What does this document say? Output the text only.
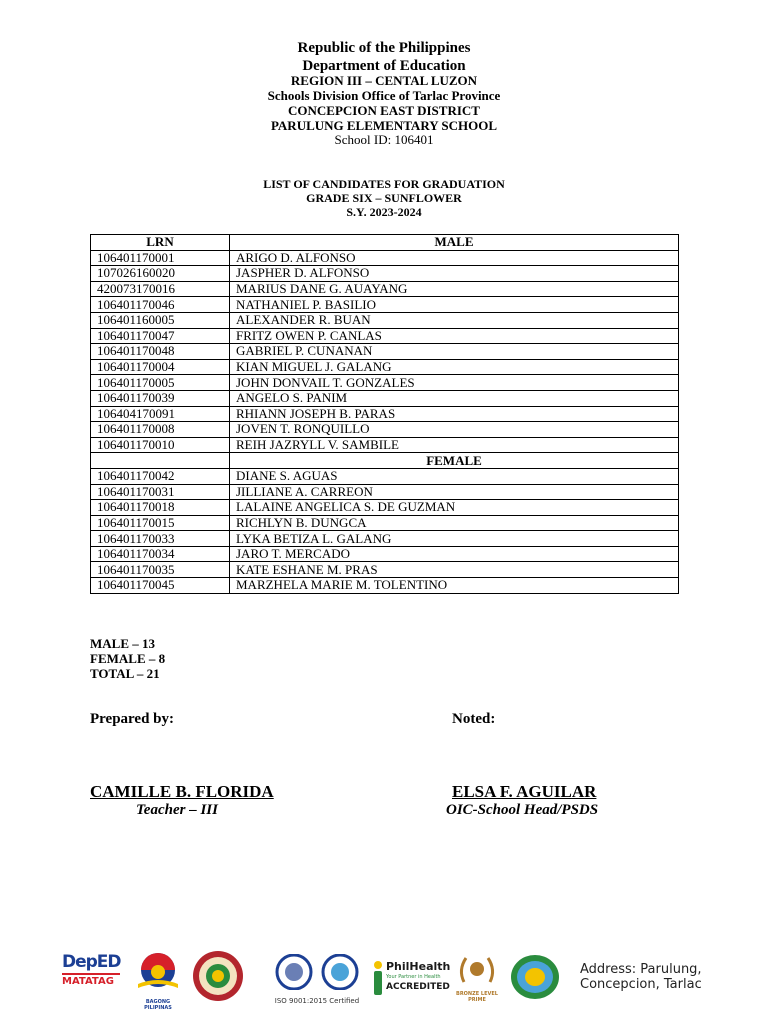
Republic of the Philippines
Department of Education
REGION III – CENTAL LUZON
Schools Division Office of Tarlac Province
CONCEPCION EAST DISTRICT
PARULUNG ELEMENTARY SCHOOL
School ID: 106401
LIST OF CANDIDATES FOR GRADUATION
GRADE SIX – SUNFLOWER
S.Y. 2023-2024
LRN	MALE
106401170001	ARIGO D. ALFONSO
107026160020	JASPHER D. ALFONSO
420073170016	MARIUS DANE G. AUAYANG
106401170046	NATHANIEL P. BASILIO
106401160005	ALEXANDER R. BUAN
106401170047	FRITZ OWEN P. CANLAS
106401170048	GABRIEL P. CUNANAN
106401170004	KIAN MIGUEL J. GALANG
106401170005	JOHN DONVAIL T. GONZALES
106401170039	ANGELO S. PANIM
106404170091	RHIANN JOSEPH B. PARAS
106401170008	JOVEN T. RONQUILLO
106401170010	REIH JAZRYLL V. SAMBILE
	FEMALE
106401170042	DIANE S. AGUAS
106401170031	JILLIANE A. CARREON
106401170018	LALAINE ANGELICA S. DE GUZMAN
106401170015	RICHLYN B. DUNGCA
106401170033	LYKA BETIZA L. GALANG
106401170034	JARO T. MERCADO
106401170035	KATE ESHANE M. PRAS
106401170045	MARZHELA MARIE M. TOLENTINO
MALE – 13
FEMALE – 8
TOTAL – 21
Prepared by:	Noted:
CAMILLE B. FLORIDA	ELSA F. AGUILAR
Teacher – III	OIC-School Head/PSDS
DepED
MATATAG
BAGONG PILIPINAS
ISO 9001:2015 Certified
PhilHealth
Your Partner in Health
ACCREDITED
BRONZE LEVEL PRIME
Address: Parulung,
Concepcion, Tarlac
